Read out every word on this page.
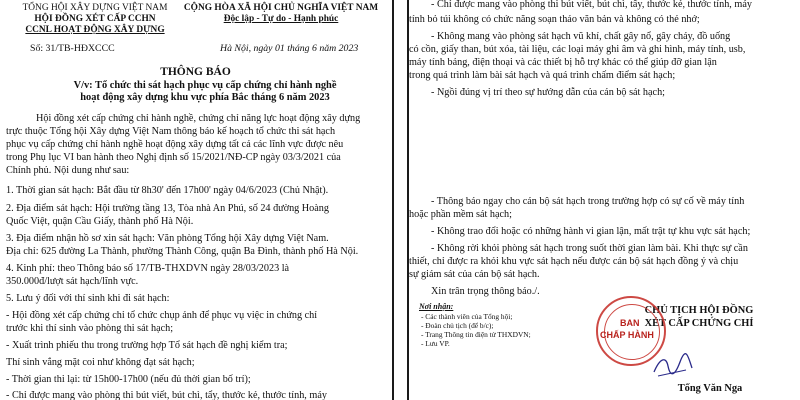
TỔNG HỘI XÂY DỰNG VIỆT NAM
HỘI ĐỒNG XÉT CẤP CCHN
CCNL HOẠT ĐỘNG XÂY DỰNG
CỘNG HÒA XÃ HỘI CHỦ NGHĨA VIỆT NAM
Độc lập - Tự do - Hạnh phúc
Số: 31/TB-HĐXCCC	Hà Nội, ngày 01 tháng 6 năm 2023
THÔNG BÁO
V/v: Tổ chức thi sát hạch phục vụ cấp chứng chỉ hành nghề
hoạt động xây dựng khu vực phía Bắc tháng 6 năm 2023
Hội đồng xét cấp chứng chỉ hành nghề, chứng chỉ năng lực hoạt động xây dựng
trực thuộc Tổng hội Xây dựng Việt Nam thông báo kế hoạch tổ chức thi sát hạch
phục vụ cấp chứng chỉ hành nghề hoạt động xây dựng tất cả các lĩnh vực được nêu
trong Phụ lục VI ban hành theo Nghị định số 15/2021/NĐ-CP ngày 03/3/2021 của
Chính phủ. Nội dung như sau:
1. Thời gian sát hạch: Bắt đầu từ 8h30' đến 17h00' ngày 04/6/2023 (Chủ Nhật).
2. Địa điểm sát hạch: Hội trường tầng 13, Tòa nhà An Phú, số 24 đường Hoàng
Quốc Việt, quận Cầu Giấy, thành phố Hà Nội.
3. Địa điểm nhận hồ sơ xin sát hạch: Văn phòng Tổng hội Xây dựng Việt Nam.
Địa chỉ: 625 đường La Thành, phường Thành Công, quận Ba Đình, thành phố Hà Nội.
4. Kinh phí: theo Thông báo số 17/TB-THXDVN ngày 28/03/2023 là
350.000đ/lượt sát hạch/lĩnh vực.
5. Lưu ý đối với thí sinh khi đi sát hạch:
- Hội đồng xét cấp chứng chỉ tổ chức chụp ảnh để phục vụ việc in chứng chỉ
trước khi thí sinh vào phòng thi sát hạch;
- Xuất trình phiếu thu trong trường hợp Tổ sát hạch đề nghị kiểm tra;
Thí sinh vắng mặt coi như không đạt sát hạch;
- Thời gian thi lại: từ 15h00-17h00 (nếu đủ thời gian bố trí);
- Chỉ được mang vào phòng thi bút viết, bút chì, tẩy, thước kẻ, thước tính, máy
- Chỉ được mang vào phòng thi bút viết, bút chì, tẩy, thước kẻ, thước tính, máy
tính bỏ túi không có chức năng soạn thảo văn bản và không có thẻ nhớ;
- Không mang vào phòng sát hạch vũ khí, chất gây nổ, gây cháy, đồ uống
có cồn, giấy than, bút xóa, tài liệu, các loại máy ghi âm và ghi hình, máy tính, usb,
máy tính bảng, điện thoại và các thiết bị hỗ trợ khác có thể giúp đỡ gian lận
trong quá trình làm bài sát hạch và quá trình chấm điểm sát hạch;
- Ngồi đúng vị trí theo sự hướng dẫn của cán bộ sát hạch;
- Thông báo ngay cho cán bộ sát hạch trong trường hợp có sự cố về máy tính
hoặc phần mềm sát hạch;
- Không trao đổi hoặc có những hành vi gian lận, mất trật tự khu vực sát hạch;
- Không rời khỏi phòng sát hạch trong suốt thời gian làm bài. Khi thực sự cần
thiết, chỉ được ra khỏi khu vực sát hạch nếu được cán bộ sát hạch đồng ý và chịu
sự giám sát của cán bộ sát hạch.
Xin trân trọng thông báo./.
Nơi nhận:
- Các thành viên của Tổng hội;
- Đoàn chủ tịch (để b/c);
- Trang Thông tin điện tử THXDVN;
- Lưu VP.
CHỦ TỊCH HỘI ĐỒNG
XÉT CẤP CHỨNG CHỈ
Tống Văn Nga
BAN
CHẤP HÀNH
